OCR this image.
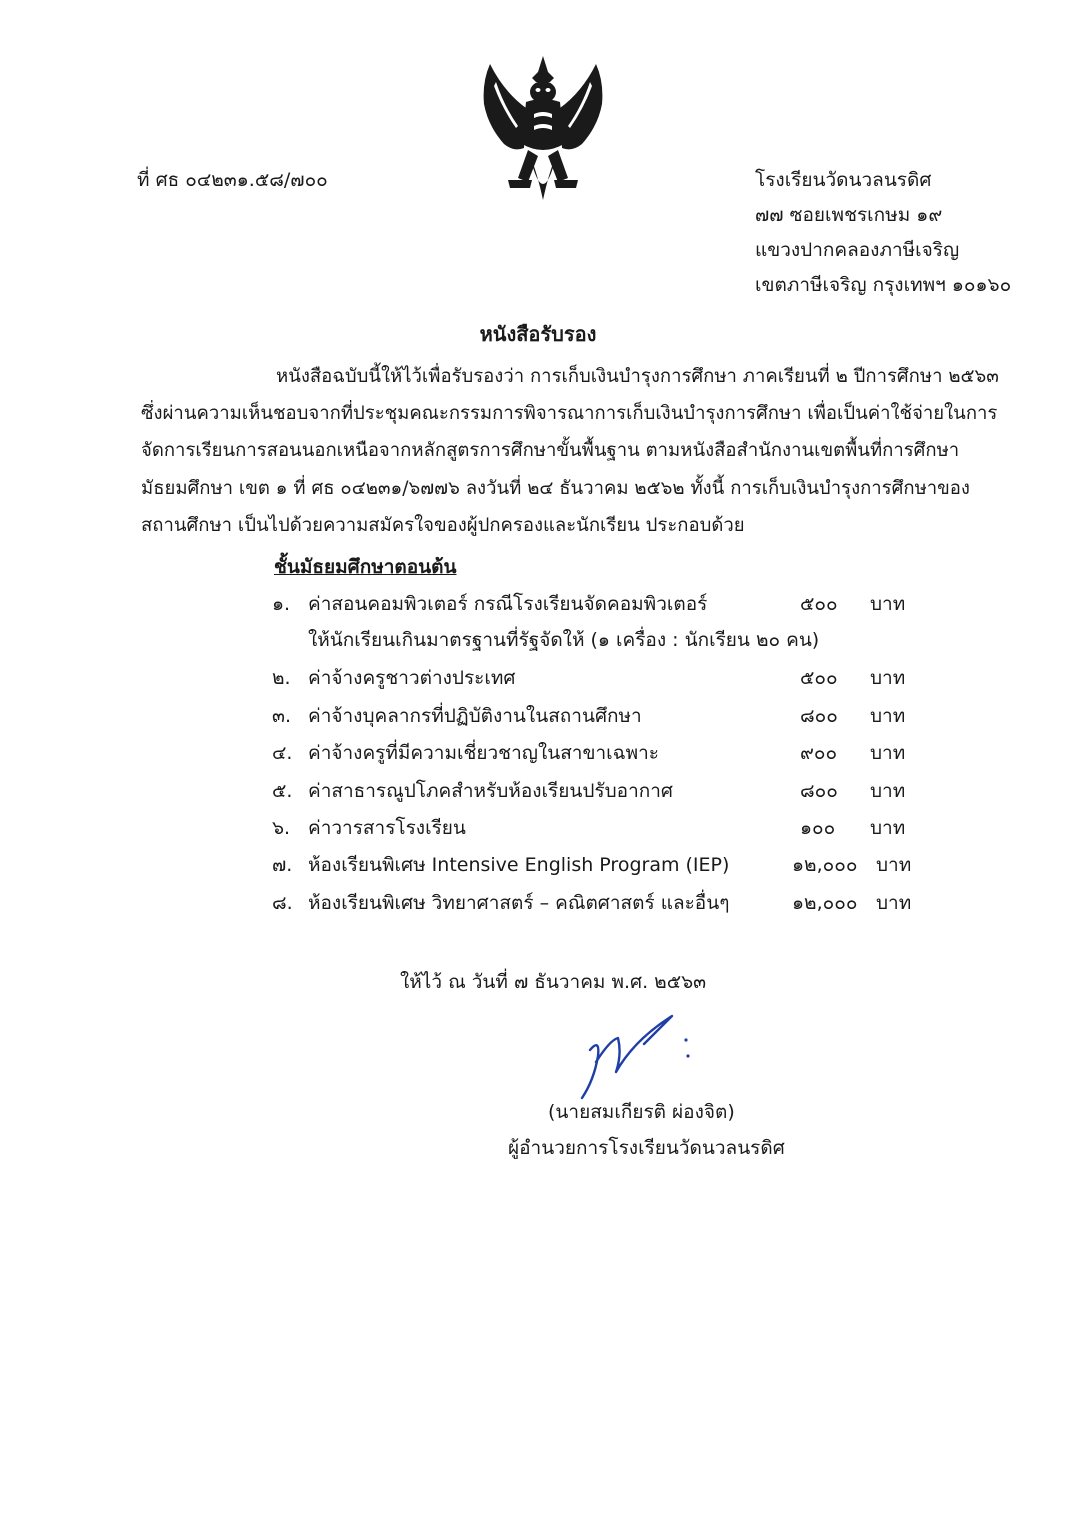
ที่ ศธ ๐๔๒๓๑.๕๘/๗๐๐	โรงเรียนวัดนวลนรดิศ
๗๗ ซอยเพชรเกษม ๑๙
แขวงปากคลองภาษีเจริญ
เขตภาษีเจริญ กรุงเทพฯ ๑๐๑๖๐
หนังสือรับรอง
หนังสือฉบับนี้ให้ไว้เพื่อรับรองว่า การเก็บเงินบำรุงการศึกษา ภาคเรียนที่ ๒ ปีการศึกษา ๒๕๖๓
ซึ่งผ่านความเห็นชอบจากที่ประชุมคณะกรรมการพิจารณาการเก็บเงินบำรุงการศึกษา เพื่อเป็นค่าใช้จ่ายในการ
จัดการเรียนการสอนนอกเหนือจากหลักสูตรการศึกษาขั้นพื้นฐาน ตามหนังสือสำนักงานเขตพื้นที่การศึกษา
มัธยมศึกษา เขต ๑ ที่ ศธ ๐๔๒๓๑/๖๗๗๖ ลงวันที่ ๒๔ ธันวาคม ๒๕๖๒ ทั้งนี้ การเก็บเงินบำรุงการศึกษาของ
สถานศึกษา เป็นไปด้วยความสมัครใจของผู้ปกครองและนักเรียน ประกอบด้วย
ชั้นมัธยมศึกษาตอนต้น
๑. ค่าสอนคอมพิวเตอร์ กรณีโรงเรียนจัดคอมพิวเตอร์	๕๐๐ บาท
ให้นักเรียนเกินมาตรฐานที่รัฐจัดให้ (๑ เครื่อง : นักเรียน ๒๐ คน)
๒. ค่าจ้างครูชาวต่างประเทศ	๕๐๐ บาท
๓. ค่าจ้างบุคลากรที่ปฏิบัติงานในสถานศึกษา	๘๐๐ บาท
๔. ค่าจ้างครูที่มีความเชี่ยวชาญในสาขาเฉพาะ	๙๐๐ บาท
๕. ค่าสาธารณูปโภคสำหรับห้องเรียนปรับอากาศ	๘๐๐ บาท
๖. ค่าวารสารโรงเรียน	๑๐๐ บาท
๗. ห้องเรียนพิเศษ Intensive English Program (IEP)	๑๒,๐๐๐ บาท
๘. ห้องเรียนพิเศษ วิทยาศาสตร์ – คณิตศาสตร์ และอื่นๆ	๑๒,๐๐๐ บาท
ให้ไว้ ณ วันที่ ๗ ธันวาคม พ.ศ. ๒๕๖๓
(นายสมเกียรติ ผ่องจิต)
ผู้อำนวยการโรงเรียนวัดนวลนรดิศ
